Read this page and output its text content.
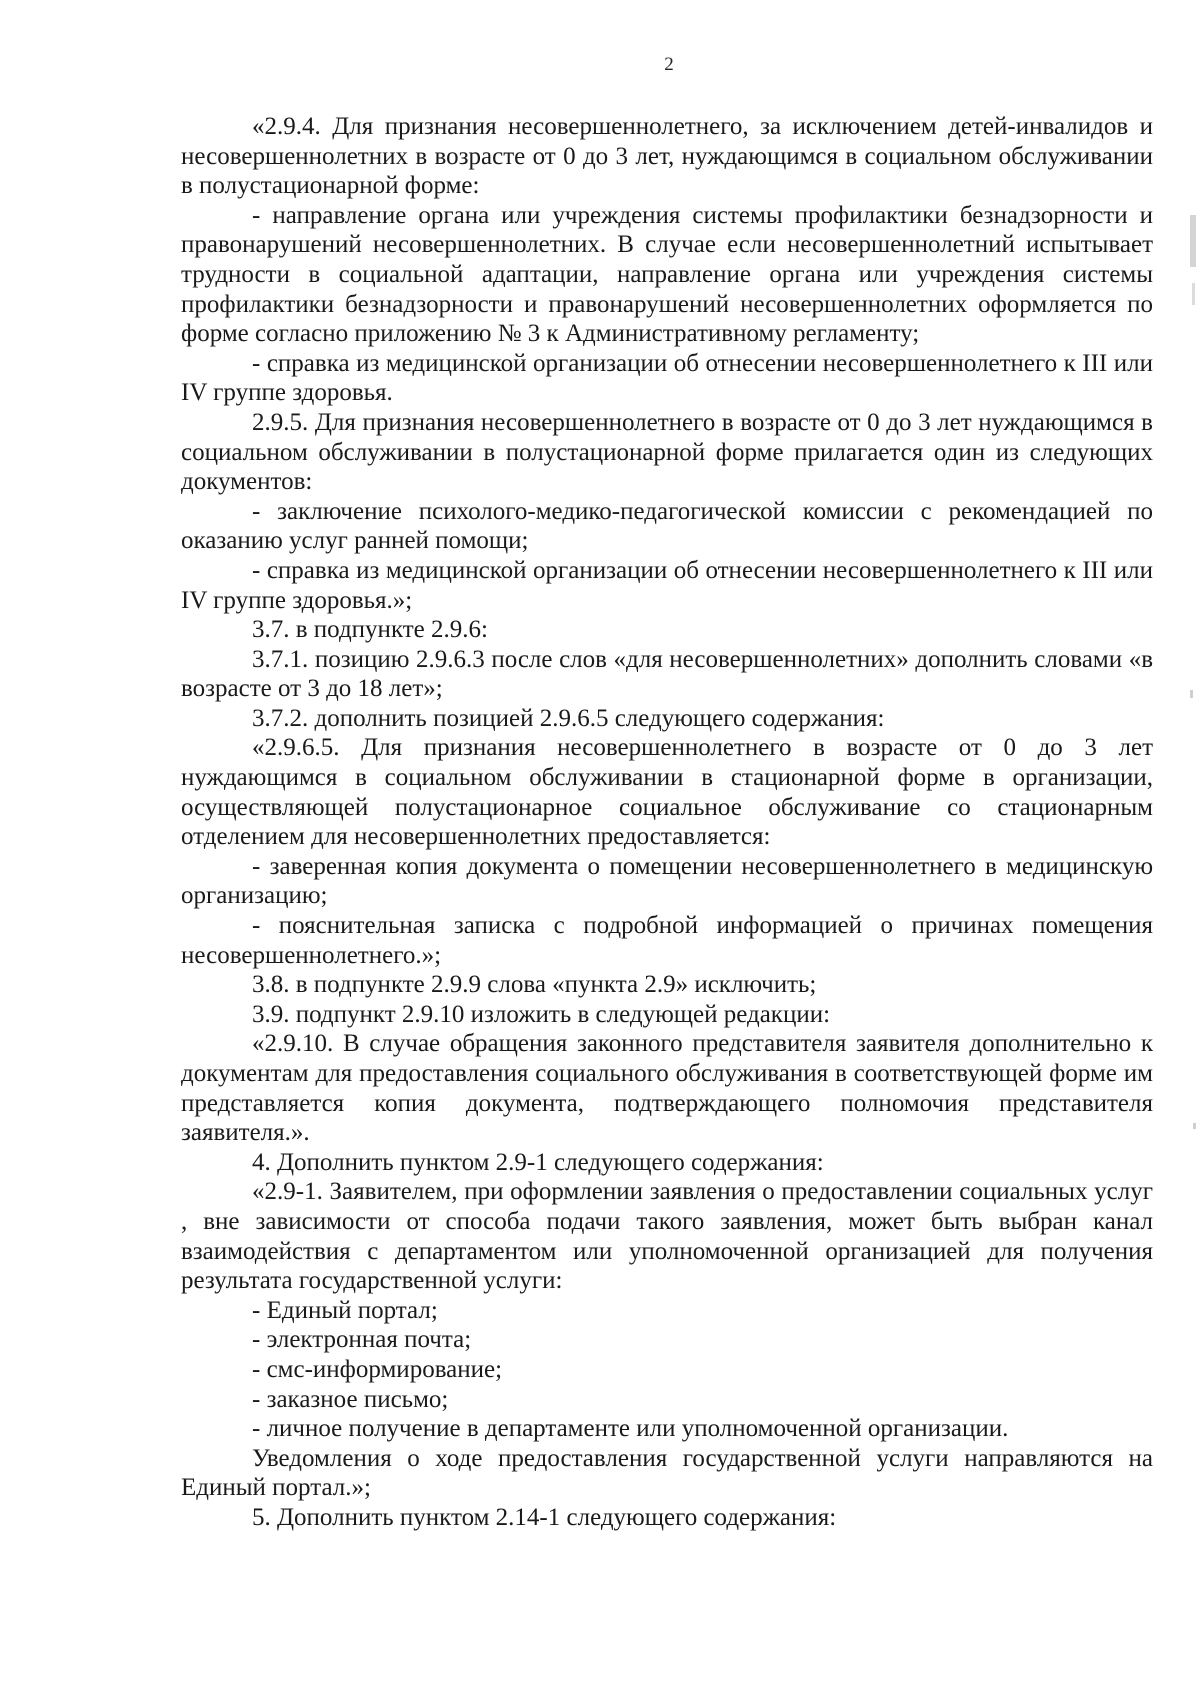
2

«2.9.4. Для признания несовершеннолетнего, за исключением детей-инвалидов и несовершеннолетних в возрасте от 0 до 3 лет, нуждающимся в социальном обслуживании в полустационарной форме:

- направление органа или учреждения системы профилактики безнадзорности и правонарушений несовершеннолетних. В случае если несовершеннолетний испытывает трудности в социальной адаптации, направление органа или учреждения системы профилактики безнадзорности и правонарушений несовершеннолетних оформляется по форме согласно приложению № 3 к Административному регламенту;

- справка из медицинской организации об отнесении несовершеннолетнего к III или IV группе здоровья.

2.9.5. Для признания несовершеннолетнего в возрасте от 0 до 3 лет нуждающимся в социальном обслуживании в полустационарной форме прилагается один из следующих документов:

- заключение психолого-медико-педагогической комиссии с рекомендацией по оказанию услуг ранней помощи;

- справка из медицинской организации об отнесении несовершеннолетнего к III или IV группе здоровья.»;

3.7. в подпункте 2.9.6:

3.7.1. позицию 2.9.6.3 после слов «для несовершеннолетних» дополнить словами «в возрасте от 3 до 18 лет»;

3.7.2. дополнить позицией 2.9.6.5 следующего содержания:

«2.9.6.5. Для признания несовершеннолетнего в возрасте от 0 до 3 лет нуждающимся в социальном обслуживании в стационарной форме в организации, осуществляющей полустационарное социальное обслуживание со стационарным отделением для несовершеннолетних предоставляется:

- заверенная копия документа о помещении несовершеннолетнего в медицинскую организацию;

- пояснительная записка с подробной информацией о причинах помещения несовершеннолетнего.»;

3.8. в подпункте 2.9.9 слова «пункта 2.9» исключить;

3.9. подпункт 2.9.10 изложить в следующей редакции:

«2.9.10. В случае обращения законного представителя заявителя дополнительно к документам для предоставления социального обслуживания в соответствующей форме им представляется копия документа, подтверждающего полномочия представителя заявителя.».

4. Дополнить пунктом 2.9-1 следующего содержания:

«2.9-1. Заявителем, при оформлении заявления о предоставлении социальных услуг , вне зависимости от способа подачи такого заявления, может быть выбран канал взаимодействия с департаментом или уполномоченной организацией для получения результата государственной услуги:

- Единый портал;

- электронная почта;

- смс-информирование;

- заказное письмо;

- личное получение в департаменте или уполномоченной организации.

Уведомления о ходе предоставления государственной услуги направляются на Единый портал.»;

5. Дополнить пунктом 2.14-1 следующего содержания:
